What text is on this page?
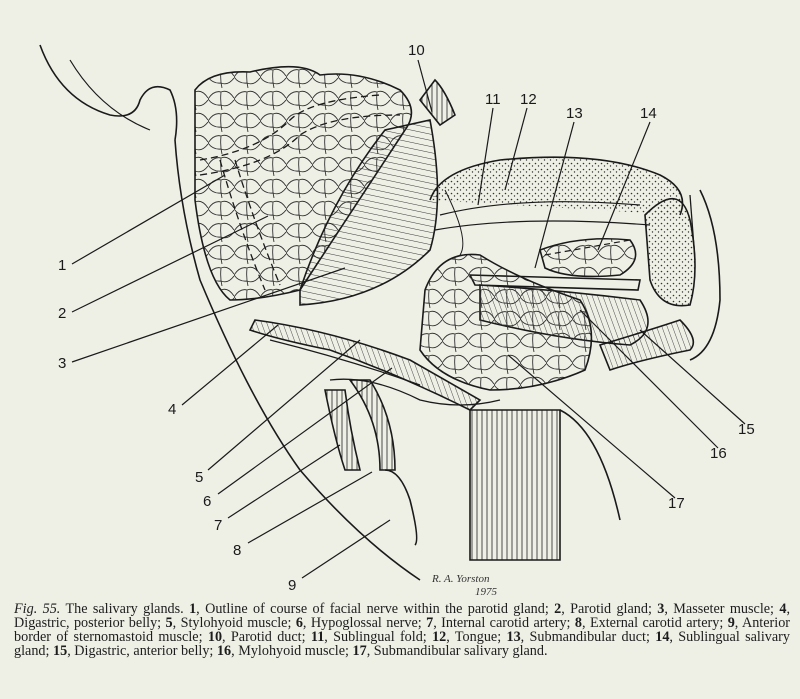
1
2
3
4
5
6
7
8
9
10
11 12
13	14
15
16
17
R. A. Yorston
1975
Fig. 55. The salivary glands. 1, Outline of course of facial nerve within the parotid gland; 2, Parotid gland; 3, Masseter muscle; 4, Digastric, posterior belly; 5, Stylohyoid muscle; 6, Hypoglossal nerve; 7, Internal carotid artery; 8, External carotid artery; 9, Anterior border of sternomastoid muscle; 10, Parotid duct; 11, Sublingual fold; 12, Tongue; 13, Submandibular duct; 14, Sublingual salivary gland; 15, Digastric, anterior belly; 16, Mylohyoid muscle; 17, Submandibular salivary gland.
